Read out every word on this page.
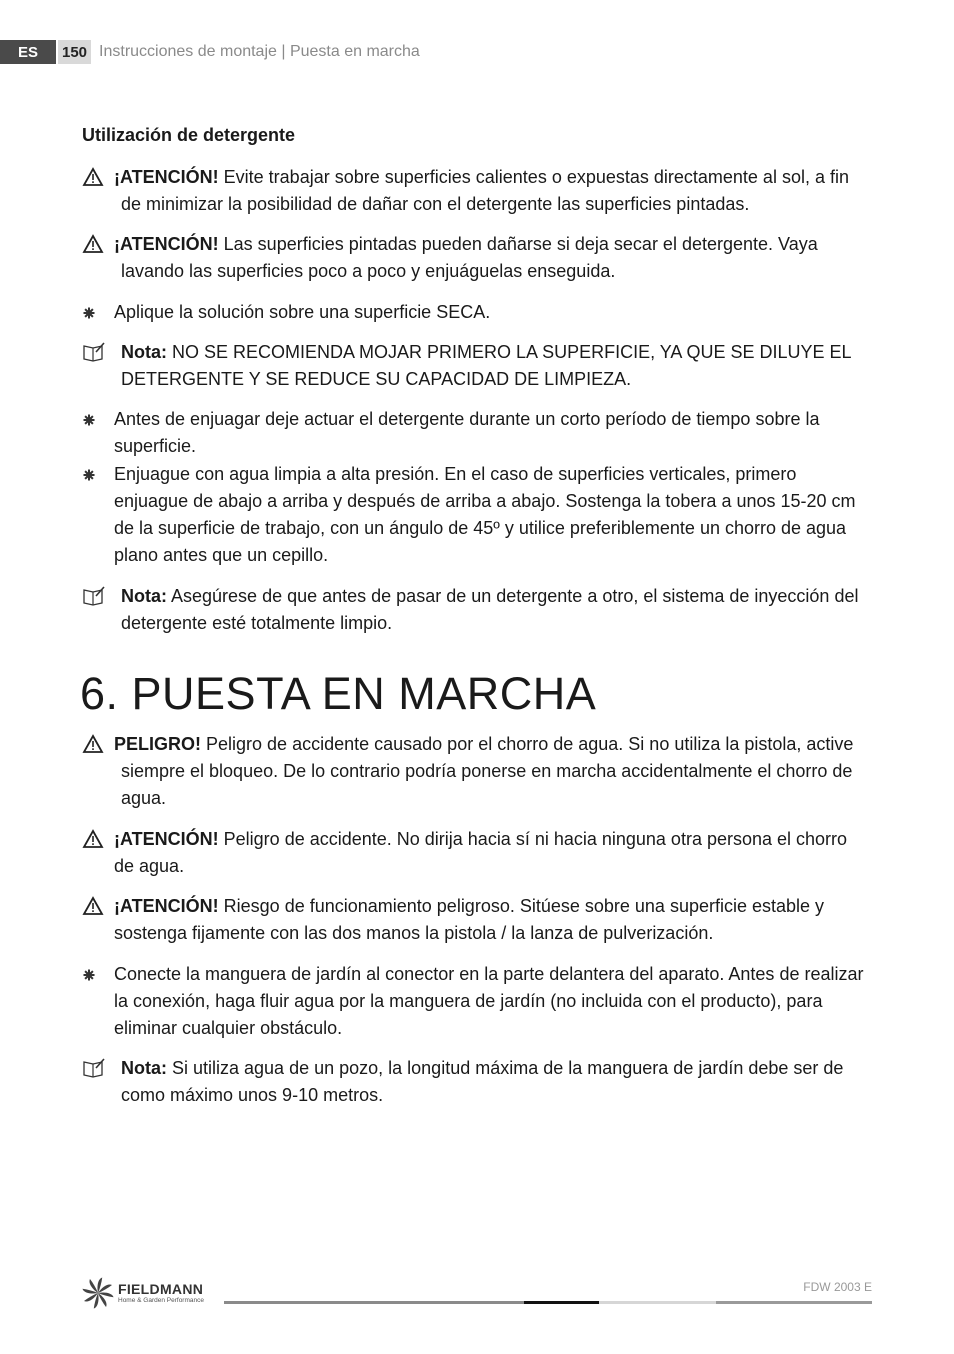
ES	150 Instrucciones de montaje | Puesta en marcha
Utilización de detergente
¡ATENCIÓN! Evite trabajar sobre superficies calientes o expuestas directamente al sol, a fin de minimizar la posibilidad de dañar con el detergente las superficies pintadas.
¡ATENCIÓN! Las superficies pintadas pueden dañarse si deja secar el detergente. Vaya lavando las superficies poco a poco y enjuáguelas enseguida.
Aplique la solución sobre una superficie SECA.
Nota: NO SE RECOMIENDA MOJAR PRIMERO LA SUPERFICIE, YA QUE SE DILUYE EL DETERGENTE Y SE REDUCE SU CAPACIDAD DE LIMPIEZA.
Antes de enjuagar deje actuar el detergente durante un corto período de tiempo sobre la superficie.
Enjuague con agua limpia a alta presión. En el caso de superficies verticales, primero enjuague de abajo a arriba y después de arriba a abajo. Sostenga la tobera a unos 15-20 cm de la superficie de trabajo, con un ángulo de 45º y utilice preferiblemente un chorro de agua plano antes que un cepillo.
Nota: Asegúrese de que antes de pasar de un detergente a otro, el sistema de inyección del detergente esté totalmente limpio.
6. PUESTA EN MARCHA
PELIGRO! Peligro de accidente causado por el chorro de agua. Si no utiliza la pistola, active siempre el bloqueo. De lo contrario podría ponerse en marcha accidentalmente el chorro de agua.
¡ATENCIÓN! Peligro de accidente. No dirija hacia sí ni hacia ninguna otra persona el chorro de agua.
¡ATENCIÓN! Riesgo de funcionamiento peligroso. Sitúese sobre una superficie estable y sostenga fijamente con las dos manos la pistola / la lanza de pulverización.
Conecte la manguera de jardín al conector en la parte delantera del aparato. Antes de realizar la conexión, haga fluir agua por la manguera de jardín (no incluida con el producto), para eliminar cualquier obstáculo.
Nota: Si utiliza agua de un pozo, la longitud máxima de la manguera de jardín debe ser de como máximo unos 9-10 metros.
FIELDMANN
Home & Garden Performance
FDW 2003 E
